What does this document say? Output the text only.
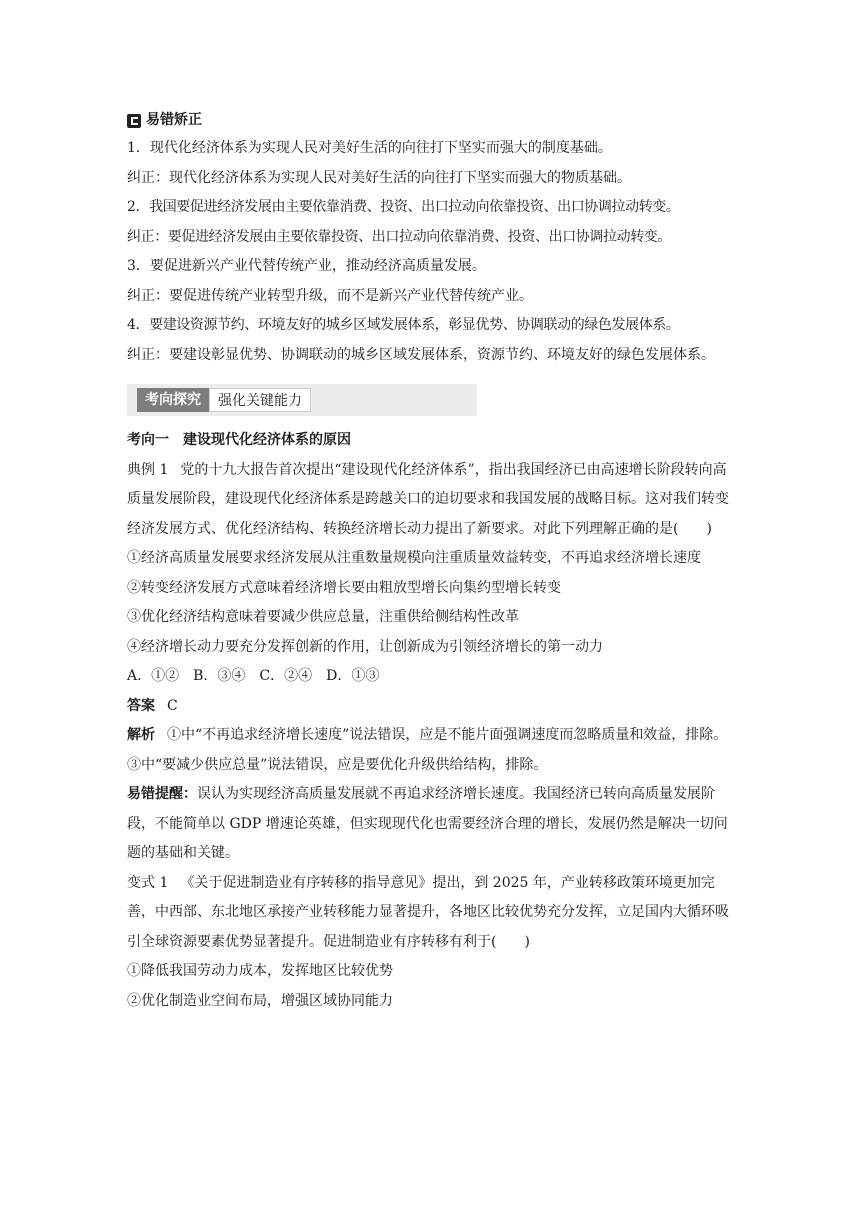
易错矫正

1．现代化经济体系为实现人民对美好生活的向往打下坚实而强大的制度基础。

纠正：现代化经济体系为实现人民对美好生活的向往打下坚实而强大的物质基础。

2．我国要促进经济发展由主要依靠消费、投资、出口拉动向依靠投资、出口协调拉动转变。

纠正：要促进经济发展由主要依靠投资、出口拉动向依靠消费、投资、出口协调拉动转变。

3．要促进新兴产业代替传统产业，推动经济高质量发展。

纠正：要促进传统产业转型升级，而不是新兴产业代替传统产业。

4．要建设资源节约、环境友好的城乡区域发展体系，彰显优势、协调联动的绿色发展体系。

纠正：要建设彰显优势、协调联动的城乡区域发展体系，资源节约、环境友好的绿色发展体系。

考向探究	强化关键能力

考向一　建设现代化经济体系的原因

典例 1 党的十九大报告首次提出“建设现代化经济体系”，指出我国经济已由高速增长阶段转向高质量发展阶段，建设现代化经济体系是跨越关口的迫切要求和我国发展的战略目标。这对我们转变经济发展方式、优化经济结构、转换经济增长动力提出了新要求。对此下列理解正确的是(　　)

①经济高质量发展要求经济发展从注重数量规模向注重质量效益转变，不再追求经济增长速度

②转变经济发展方式意味着经济增长要由粗放型增长向集约型增长转变

③优化经济结构意味着要减少供应总量，注重供给侧结构性改革

④经济增长动力要充分发挥创新的作用，让创新成为引领经济增长的第一动力

A．①②　B．③④　C．②④　D．①③

答案 C

解析 ①中“不再追求经济增长速度”说法错误，应是不能片面强调速度而忽略质量和效益，排除。③中“要减少供应总量”说法错误，应是要优化升级供给结构，排除。

易错提醒：误认为实现经济高质量发展就不再追求经济增长速度。我国经济已转向高质量发展阶段，不能简单以 GDP 增速论英雄，但实现现代化也需要经济合理的增长，发展仍然是解决一切问题的基础和关键。

变式 1 《关于促进制造业有序转移的指导意见》提出，到 2025 年，产业转移政策环境更加完善，中西部、东北地区承接产业转移能力显著提升，各地区比较优势充分发挥，立足国内大循环吸引全球资源要素优势显著提升。促进制造业有序转移有利于(　　)

①降低我国劳动力成本，发挥地区比较优势

②优化制造业空间布局，增强区域协同能力
